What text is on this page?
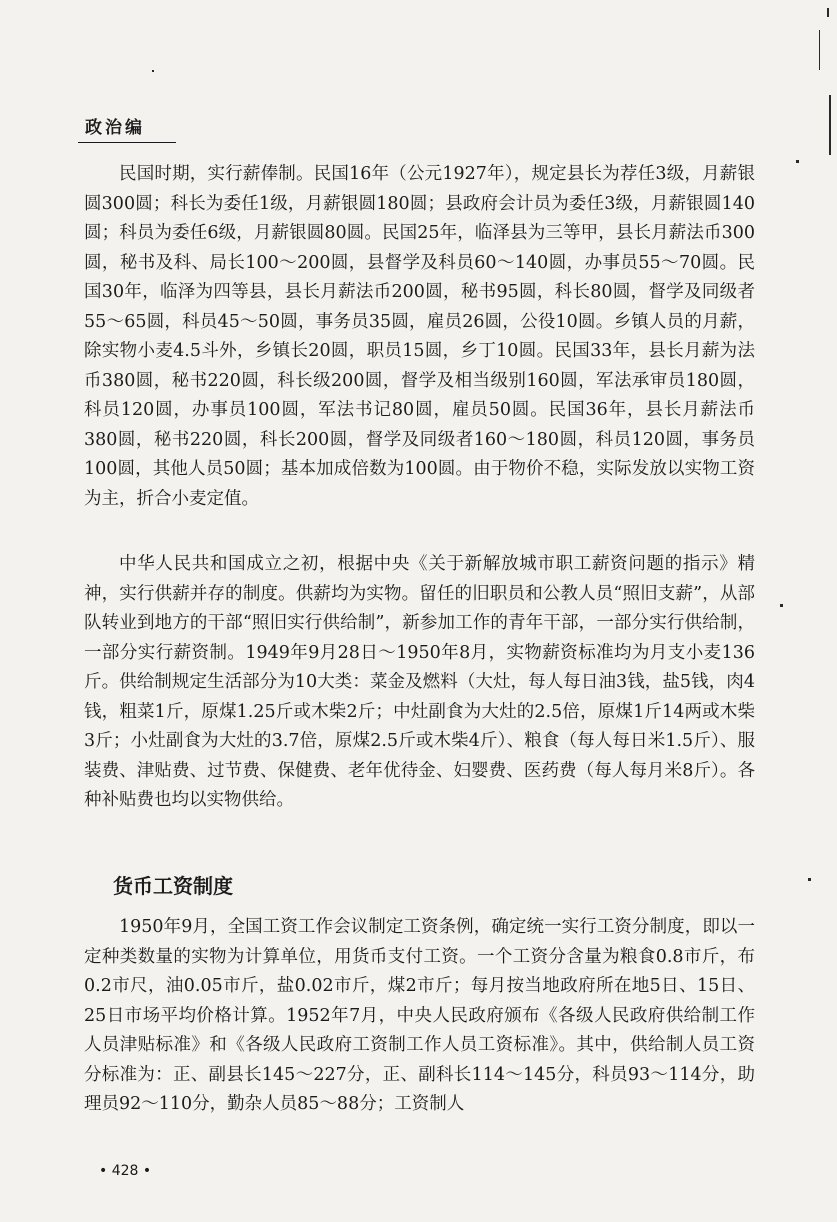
政治编

民国时期，实行薪俸制。民国16年（公元1927年），规定县长为荐任3级，月薪银圆300圆；科长为委任1级，月薪银圆180圆；县政府会计员为委任3级，月薪银圆140圆；科员为委任6级，月薪银圆80圆。民国25年，临泽县为三等甲，县长月薪法币300圆，秘书及科、局长100～200圆，县督学及科员60～140圆，办事员55～70圆。民国30年，临泽为四等县，县长月薪法币200圆，秘书95圆，科长80圆，督学及同级者55～65圆，科员45～50圆，事务员35圆，雇员26圆，公役10圆。乡镇人员的月薪，除实物小麦4.5斗外，乡镇长20圆，职员15圆，乡丁10圆。民国33年，县长月薪为法币380圆，秘书220圆，科长级200圆，督学及相当级别160圆，军法承审员180圆，科员120圆，办事员100圆，军法书记80圆，雇员50圆。民国36年，县长月薪法币380圆，秘书220圆，科长200圆，督学及同级者160～180圆，科员120圆，事务员100圆，其他人员50圆；基本加成倍数为100圆。由于物价不稳，实际发放以实物工资为主，折合小麦定值。

中华人民共和国成立之初，根据中央《关于新解放城市职工薪资问题的指示》精神，实行供薪并存的制度。供薪均为实物。留任的旧职员和公教人员“照旧支薪”，从部队转业到地方的干部“照旧实行供给制”，新参加工作的青年干部，一部分实行供给制，一部分实行薪资制。1949年9月28日～1950年8月，实物薪资标准均为月支小麦136斤。供给制规定生活部分为10大类：菜金及燃料（大灶，每人每日油3钱，盐5钱，肉4钱，粗菜1斤，原煤1.25斤或木柴2斤；中灶副食为大灶的2.5倍，原煤1斤14两或木柴3斤；小灶副食为大灶的3.7倍，原煤2.5斤或木柴4斤）、粮食（每人每日米1.5斤）、服装费、津贴费、过节费、保健费、老年优待金、妇婴费、医药费（每人每月米8斤）。各种补贴费也均以实物供给。

货币工资制度

1950年9月，全国工资工作会议制定工资条例，确定统一实行工资分制度，即以一定种类数量的实物为计算单位，用货币支付工资。一个工资分含量为粮食0.8市斤，布0.2市尺，油0.05市斤，盐0.02市斤，煤2市斤；每月按当地政府所在地5日、15日、25日市场平均价格计算。1952年7月，中央人民政府颁布《各级人民政府供给制工作人员津贴标准》和《各级人民政府工资制工作人员工资标准》。其中，供给制人员工资分标准为：正、副县长145～227分，正、副科长114～145分，科员93～114分，助理员92～110分，勤杂人员85～88分；工资制人

• 428 •
